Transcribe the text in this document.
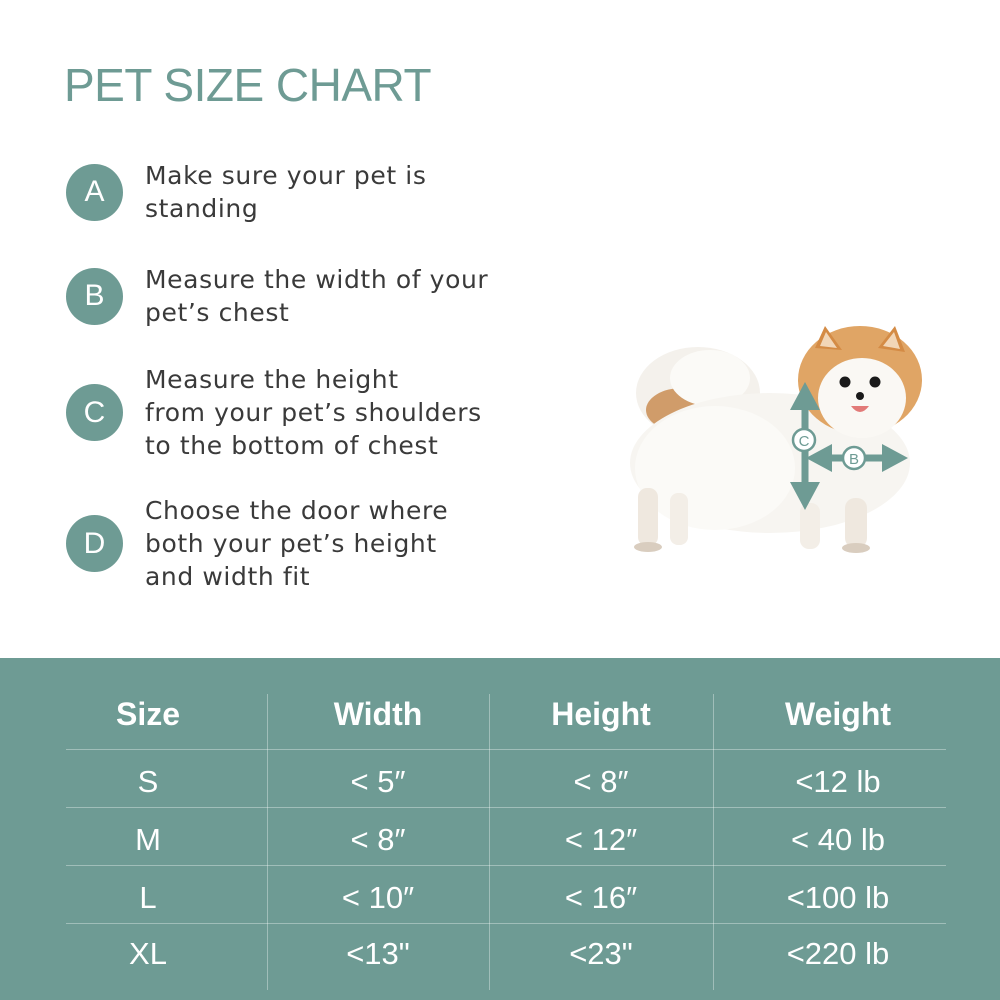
PET SIZE CHART
A	Make sure your pet is
standing
B	Measure the width of your
pet’s chest
C
Measure the height
from your pet’s shoulders
to the bottom of chest
D
Choose the door where
both your pet’s height
and width fit
C
B
Size	Width	Height	Weight
S	< 5″	< 8″	<12 lb
M	< 8″	< 12″	< 40 lb
L	< 10″	< 16″	<100 lb
XL	<13"	<23"	<220 lb
